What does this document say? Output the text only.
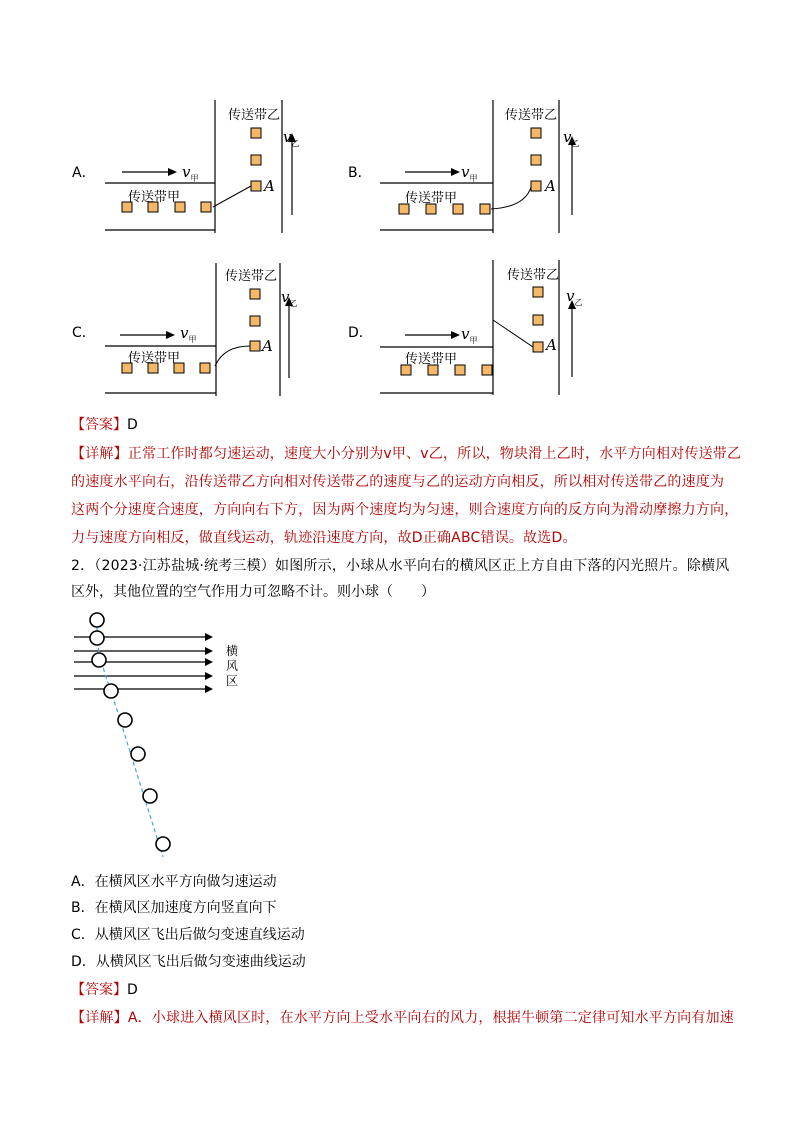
A．
传送带乙
传送带甲
$v_甲$
$v_乙$
A
B．
传送带乙
传送带甲
$v_甲$
$v_乙$
A
C．
传送带乙
传送带甲
$v_甲$
$v_乙$
A
D．
传送带乙
传送带甲
$v_甲$
$v_乙$
A
【答案】D
【详解】正常工作时都匀速运动，速度大小分别为v甲、v乙，所以，物块滑上乙时，水平方向相对传送带乙
的速度水平向右，沿传送带乙方向相对传送带乙的速度与乙的运动方向相反，所以相对传送带乙的速度为
这两个分速度合速度，方向向右下方，因为两个速度均为匀速，则合速度方向的反方向为滑动摩擦力方向，
力与速度方向相反，做直线运动，轨迹沿速度方向，故D正确ABC错误。故选D。
2．（2023·江苏盐城·统考三模）如图所示，小球从水平向右的横风区正上方自由下落的闪光照片。除横风
区外，其他位置的空气作用力可忽略不计。则小球（　　）
横
风
区
A．在横风区水平方向做匀速运动
B．在横风区加速度方向竖直向下
C．从横风区飞出后做匀变速直线运动
D．从横风区飞出后做匀变速曲线运动
【答案】D
【详解】A．小球进入横风区时，在水平方向上受水平向右的风力，根据牛顿第二定律可知水平方向有加速
